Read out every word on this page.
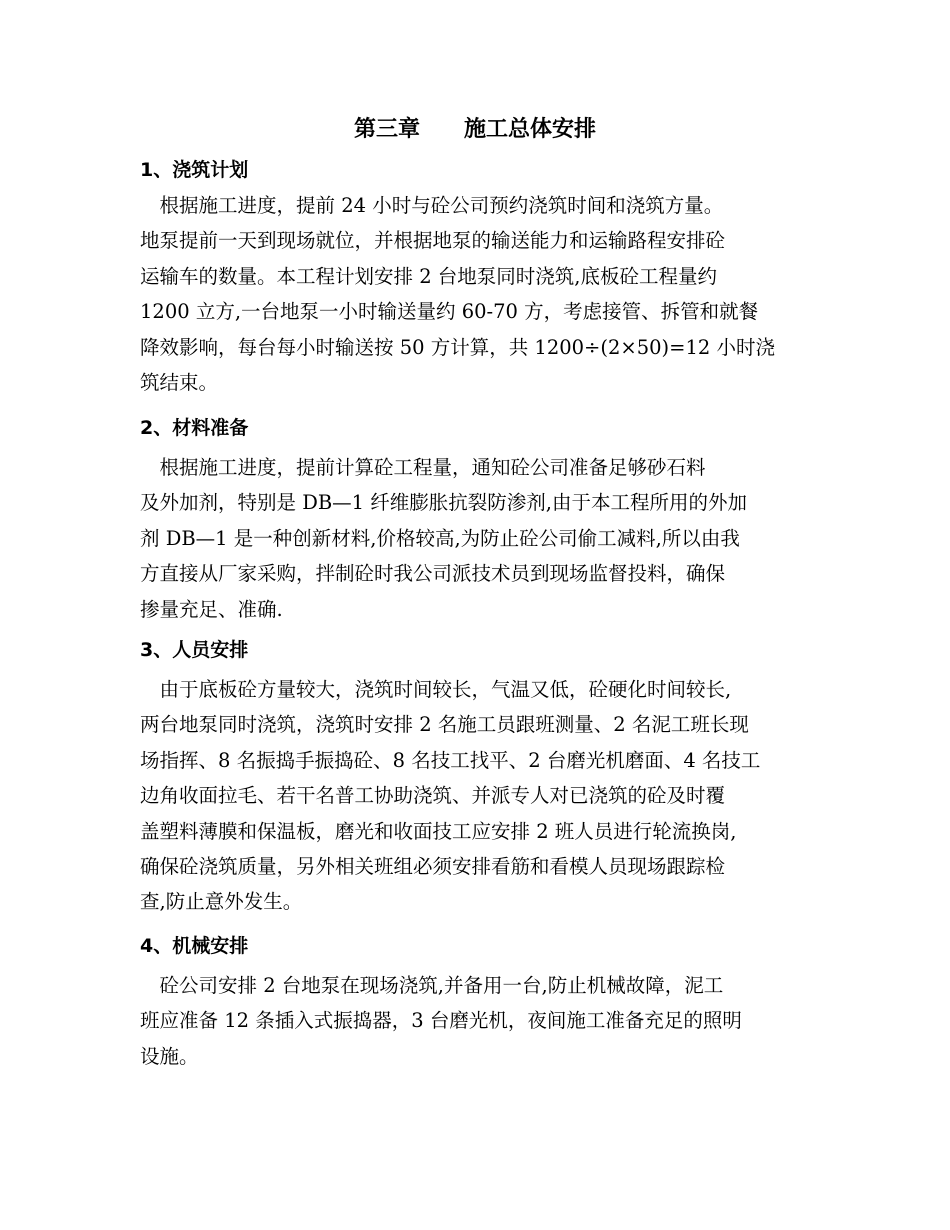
第三章　　施工总体安排
1、浇筑计划
　根据施工进度，提前 24 小时与砼公司预约浇筑时间和浇筑方量。
地泵提前一天到现场就位，并根据地泵的输送能力和运输路程安排砼
运输车的数量。本工程计划安排 2 台地泵同时浇筑,底板砼工程量约
1200 立方,一台地泵一小时输送量约 60-70 方，考虑接管、拆管和就餐
降效影响，每台每小时输送按 50 方计算，共 1200÷(2×50)=12 小时浇
筑结束。
2、材料准备
　根据施工进度，提前计算砼工程量，通知砼公司准备足够砂石料
及外加剂，特别是 DB—1 纤维膨胀抗裂防渗剂,由于本工程所用的外加
剂 DB—1 是一种创新材料,价格较高,为防止砼公司偷工减料,所以由我
方直接从厂家采购，拌制砼时我公司派技术员到现场监督投料，确保
掺量充足、准确.
3、人员安排
　由于底板砼方量较大，浇筑时间较长，气温又低，砼硬化时间较长,
两台地泵同时浇筑，浇筑时安排 2 名施工员跟班测量、2 名泥工班长现
场指挥、8 名振捣手振捣砼、8 名技工找平、2 台磨光机磨面、4 名技工
边角收面拉毛、若干名普工协助浇筑、并派专人对已浇筑的砼及时覆
盖塑料薄膜和保温板，磨光和收面技工应安排 2 班人员进行轮流换岗,
确保砼浇筑质量，另外相关班组必须安排看筋和看模人员现场跟踪检
查,防止意外发生。
4、机械安排
　砼公司安排 2 台地泵在现场浇筑,并备用一台,防止机械故障，泥工
班应准备 12 条插入式振捣器，3 台磨光机，夜间施工准备充足的照明
设施。
